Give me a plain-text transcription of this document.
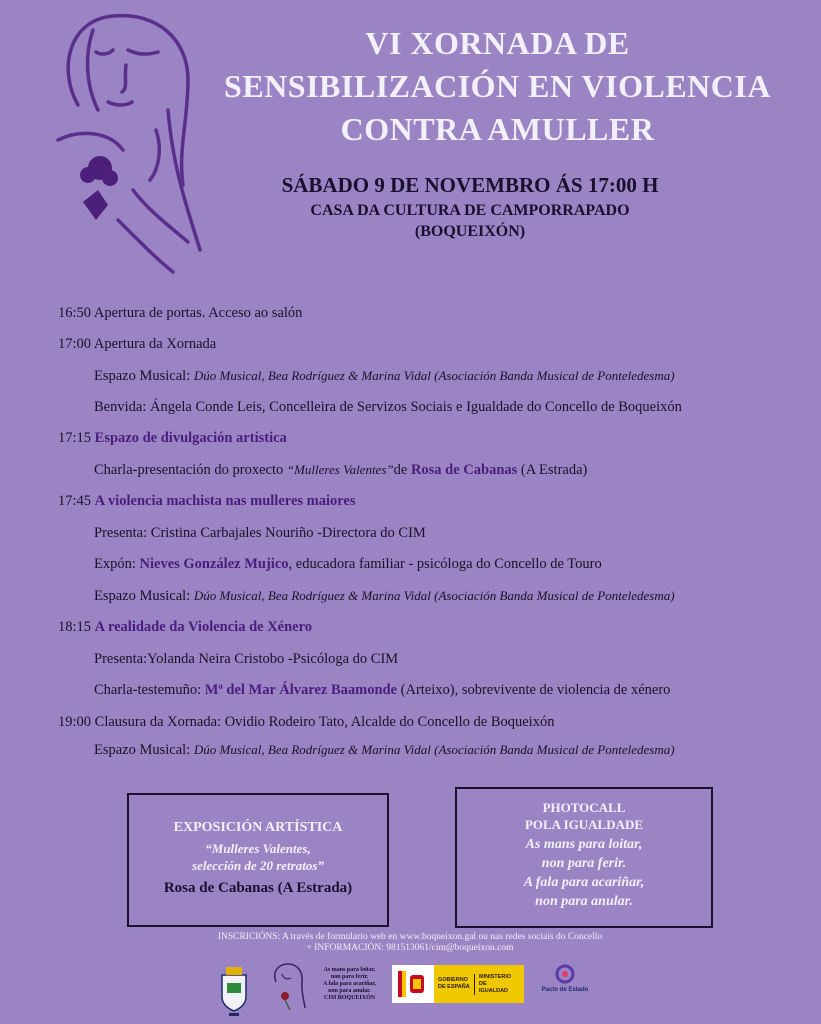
VI XORNADA DE
SENSIBILIZACIÓN EN VIOLENCIA
CONTRA AMULLER
SÁBADO 9 DE NOVEMBRO ÁS 17:00 H
CASA DA CULTURA DE CAMPORRAPADO
(BOQUEIXÓN)
16:50 Apertura de portas. Acceso ao salón
17:00 Apertura da Xornada
Espazo Musical: Dúo Musical, Bea Rodríguez & Marina Vidal (Asociación Banda Musical de Ponteledesma)
Benvida: Ángela Conde Leis, Concelleira de Servizos Sociais e Igualdade do Concello de Boqueixón
17:15 Espazo de divulgación artística
Charla-presentación do proxecto “Mulleres Valentes”de Rosa de Cabanas (A Estrada)
17:45 A violencia machista nas mulleres maiores
Presenta: Cristina Carbajales Nouriño -Directora do CIM
Expón: Nieves González Mujico, educadora familiar - psicóloga do Concello de Touro
Espazo Musical: Dúo Musical, Bea Rodríguez & Marina Vidal (Asociación Banda Musical de Ponteledesma)
18:15 A realidade da Violencia de Xénero
Presenta:Yolanda Neira Cristobo -Psicóloga do CIM
Charla-testemuño: Mª del Mar Álvarez Baamonde (Arteixo), sobrevivente de violencia de xénero
19:00 Clausura da Xornada: Ovidio Rodeiro Tato, Alcalde do Concello de Boqueixón
Espazo Musical: Dúo Musical, Bea Rodríguez & Marina Vidal (Asociación Banda Musical de Ponteledesma)
EXPOSICIÓN ARTÍSTICA
“Mulleres Valentes,
selección de 20 retratos”
Rosa de Cabanas (A Estrada)
PHOTOCALL
POLA IGUALDADE
As mans para loitar,
non para ferir.
A fala para acariñar,
non para anular.
INSCRICIÓNS: A través de formulario web en www.boqueixon.gal ou nas redes sociais do Concello
+ INFORMACIÓN: 981513061/cim@boqueixon.com
As mans para loitar,
non para ferir.
A fala para acariñar,
non para anular.
CIM BOQUEIXÓN
GOBIERNO DE ESPAÑA
MINISTERIO DE IGUALDAD	Pacto de Estado
